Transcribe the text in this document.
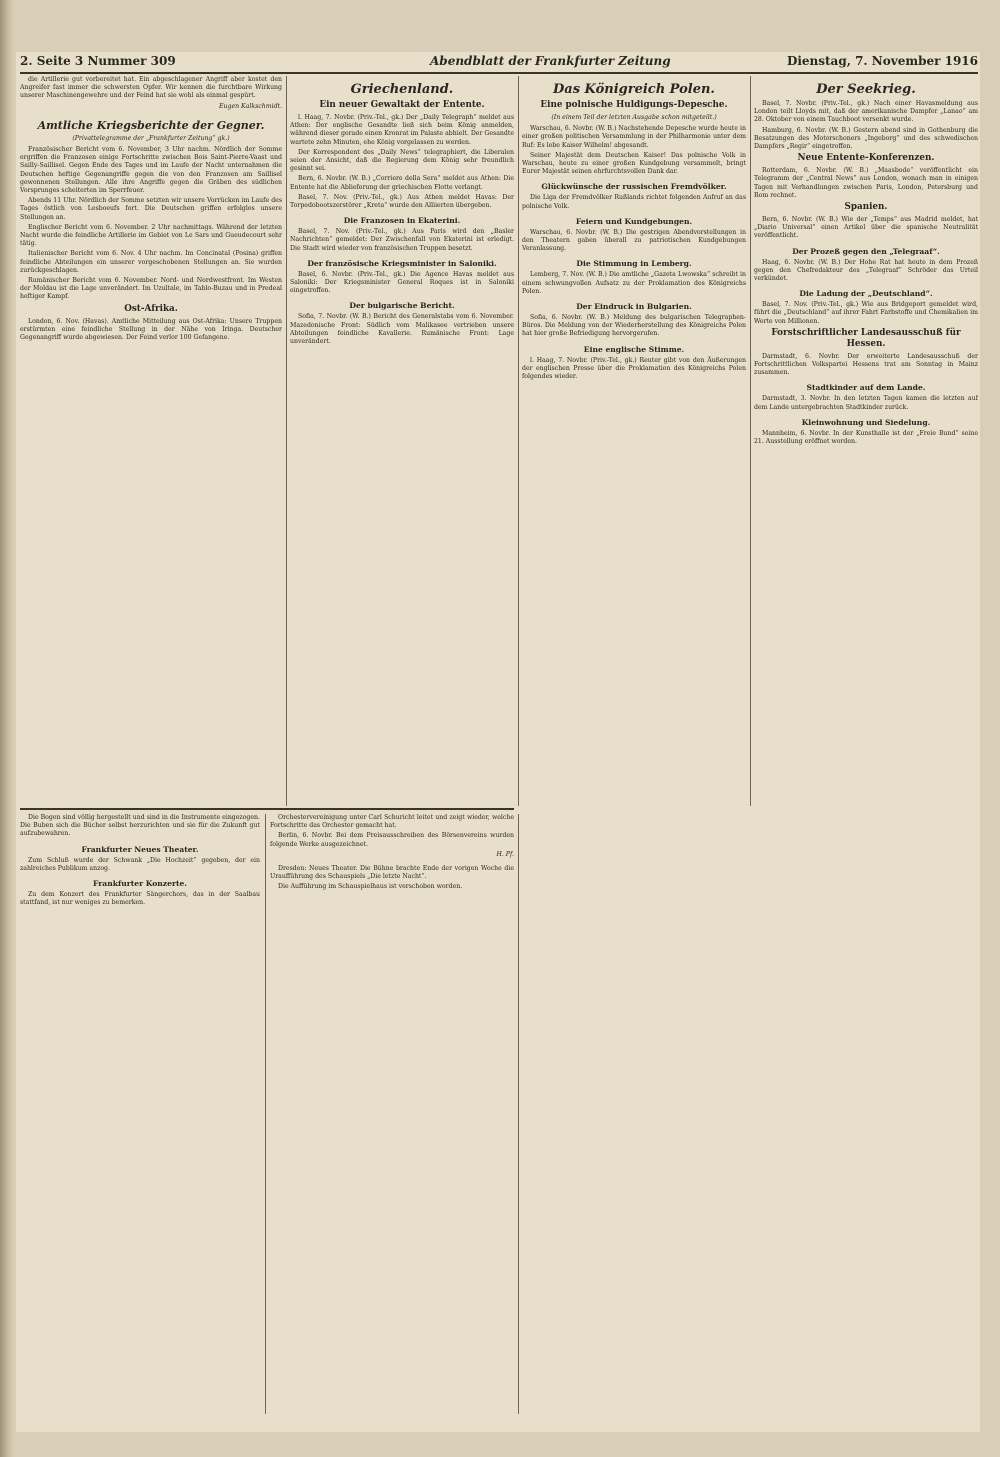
2. Seite 3 Nummer 309	Abendblatt der Frankfurter Zeitung	Dienstag, 7. November 1916

die Artillerie gut vorbereitet hat. Ein abgeschlagener Angriff aber kostet den Angreifer fast immer die schwersten Opfer. Wir kennen die furchtbare Wirkung unserer Maschinengewehre und der Feind hat sie wohl als einmal gespürt.

Eugen Kalkschmidt.
Amtliche Kriegsberichte der Gegner.
(Privattelegramme der „Frankfurter Zeitung“ gk.)

Französischer Bericht vom 6. November, 3 Uhr nachm. Nördlich der Somme ergriffen die Franzosen einige Fortschritte zwischen Bois Saint-Pierre-Vaast und Sailly-Saillisel. Gegen Ende des Tages und im Laufe der Nacht unternahmen die Deutschen heftige Gegenangriffe gegen die von den Franzosen am Saillisel gewonnenen Stellungen. Alle ihre Angriffe gegen die Gräben des südlichen Vorsprunges scheiterten im Sperrfeuer.

Abends 11 Uhr. Nördlich der Somme setzten wir unsere Vorrücken im Laufe des Tages östlich von Lesboeufs fort. Die Deutschen griffen erfolglos unsere Stellungen an.

Englischer Bericht vom 6. November. 2 Uhr nachmittags. Während der letzten Nacht wurde die feindliche Artillerie im Gebiet von Le Sars und Gueudecourt sehr tätig.

Italienischer Bericht vom 6. Nov. 4 Uhr nachm. Im Concinatal (Posina) griffen feindliche Abteilungen ein unserer vorgeschobenen Stellungen an. Sie wurden zurückgeschlagen.

Rumänischer Bericht vom 6. November. Nord- und Nordwestfront. Im Westen der Moldau ist die Lage unverändert. Im Uzultale, im Tablo-Buzau und in Predeal heftiger Kampf.

Ost-Afrika.

London, 6. Nov. (Havas). Amtliche Mitteilung aus Ost-Afrika: Unsere Truppen erstürmten eine feindliche Stellung in der Nähe von Iringa. Deutscher Gegenangriff wurde abgewiesen. Der Feind verlor 100 Gefangene.

Griechenland.
Ein neuer Gewaltakt der Entente.

l. Haag, 7. Novbr. (Priv.-Tel., gk.) Der „Daily Telegraph“ meldet aus Athen: Der englische Gesandte ließ sich beim König anmelden, während dieser gerade einen Kronrat im Palaste abhielt. Der Gesandte wartete zehn Minuten, ehe König vorgelassen zu werden.

Der Korrespondent des „Daily News“ telegraphiert, die Liberalen seien der Ansicht, daß die Regierung dem König sehr freundlich gesinnt sei.

Bern, 6. Novbr. (W. B.) „Corriere della Sera“ meldet aus Athen: Die Entente hat die Ablieferung der griechischen Flotte verlangt.

Basel, 7. Nov. (Priv.-Tel., gk.) Aus Athen meldet Havas: Der Torpedobootszerstörer „Kreta“ wurde den Alliierten übergeben.

Die Franzosen in Ekaterini.

Basel, 7. Nov. (Priv.-Tel., gk.) Aus Paris wird den „Basler Nachrichten“ gemeldet: Der Zwischenfall von Ekaterini ist erledigt. Die Stadt wird wieder von französischen Truppen besetzt.

Der französische Kriegsminister in Saloniki.

Basel, 6. Novbr. (Priv.-Tel., gk.) Die Agence Havas meldet aus Saloniki: Der Kriegsminister General Roques ist in Saloniki eingetroffen.

Der bulgarische Bericht.

Sofia, 7. Novbr. (W. B.) Bericht des Generalstabs vom 6. November. Mazedonische Front: Südlich vom Malikasee vertrieben unsere Abteilungen feindliche Kavallerie. Rumänische Front: Lage unverändert.

Das Königreich Polen.
Eine polnische Huldigungs-Depesche.
(In einem Teil der letzten Ausgabe schon mitgeteilt.)

Warschau, 6. Novbr. (W. B.) Nachstehende Depesche wurde heute in einer großen politischen Versammlung in der Philharmonie unter dem Ruf: Es lebe Kaiser Wilhelm! abgesandt.

Seiner Majestät dem Deutschen Kaiser! Das polnische Volk in Warschau, heute zu einer großen Kundgebung versammelt, bringt Eurer Majestät seinen ehrfurchtsvollen Dank dar.

Glückwünsche der russischen Fremdvölker.

Die Liga der Fremdvölker Rußlands richtet folgenden Aufruf an das polnische Volk.

Feiern und Kundgebungen.

Warschau, 6. Novbr. (W. B.) Die gestrigen Abendvorstellungen in den Theatern gaben überall zu patriotischen Kundgebungen Veranlassung.

Die Stimmung in Lemberg.

Lemberg, 7. Nov. (W. B.) Die amtliche „Gazeta Lwowska“ schreibt in einem schwungvollen Aufsatz zu der Proklamation des Königreichs Polen.

Der Eindruck in Bulgarien.

Sofia, 6. Novbr. (W. B.) Meldung des bulgarischen Telegraphen-Büros. Die Meldung von der Wiederherstellung des Königreichs Polen hat hier große Befriedigung hervorgerufen.

Eine englische Stimme.

l. Haag, 7. Novbr. (Priv.-Tel., gk.) Reuter gibt von den Äußerungen der englischen Presse über die Proklamation des Königreichs Polen folgendes wieder.

Der Seekrieg.

Basel, 7. Novbr. (Priv.-Tel., gk.) Nach einer Havasmeldung aus London teilt Lloyds mit, daß der amerikanische Dampfer „Lanao“ am 28. Oktober von einem Tauchboot versenkt wurde.

Hamburg, 6. Novbr. (W. B.) Gestern abend sind in Gothenburg die Besatzungen des Motorschoners „Ingeborg“ und des schwedischen Dampfers „Regir“ eingetroffen.

Neue Entente-Konferenzen.

Rotterdam, 6. Novbr. (W. B.) „Maasbode“ veröffentlicht ein Telegramm der „Central News“ aus London, wonach man in einigen Tagen mit Verhandlungen zwischen Paris, London, Petersburg und Rom rechnet.

Spanien.

Bern, 6. Novbr. (W. B.) Wie der „Temps“ aus Madrid meldet, hat „Diario Universal“ einen Artikel über die spanische Neutralität veröffentlicht.

Der Prozeß gegen den „Telegraaf“.

Haag, 6. Novbr. (W. B.) Der Hohe Rat hat heute in dem Prozeß gegen den Chefredakteur des „Telegraaf“ Schröder das Urteil verkündet.

Die Ladung der „Deutschland“.

Basel, 7. Nov. (Priv.-Tel., gk.) Wie aus Bridgeport gemeldet wird, führt die „Deutschland“ auf ihrer Fahrt Farbstoffe und Chemikalien im Werte von Millionen.

Forstschriftlicher Landesausschuß für Hessen.

Darmstadt, 6. Novbr. Der erweiterte Landesausschuß der Fortschrittlichen Volkspartei Hessens trat am Sonntag in Mainz zusammen.

Stadtkinder auf dem Lande.

Darmstadt, 3. Novbr. In den letzten Tagen kamen die letzten auf dem Lande untergebrachten Stadtkinder zurück.

Kleinwohnung und Siedelung.

Mannheim, 6. Novbr. In der Kunsthalle ist der „Freie Bund“ seine 21. Ausstellung eröffnet worden.

Die Bogen sind völlig hergestellt und sind in die Instrumente eingezogen. Die Buben sich die Bücher selbst herzurichten und sie für die Zukunft gut aufzubewahren.

Frankfurter Neues Theater.

Zum Schluß wurde der Schwank „Die Hochzeit“ gegeben, der ein zahlreiches Publikum anzog.

Frankfurter Konzerte.

Zu dem Konzert des Frankfurter Sängerchors, das in der Saalbau stattfand, ist nur weniges zu bemerken.

Orchestervereinigung unter Carl Schuricht leitet und zeigt wieder, welche Fortschritte das Orchester gemacht hat.

Berlin, 6. Novbr. Bei dem Preisausschreiben des Börsenvereins wurden folgende Werke ausgezeichnet.

H. Pf.

Dresden: Neues Theater. Die Bühne brachte Ende der vorigen Woche die Uraufführung des Schauspiels „Die letzte Nacht“.

Die Aufführung im Schauspielhaus ist verschoben worden.
